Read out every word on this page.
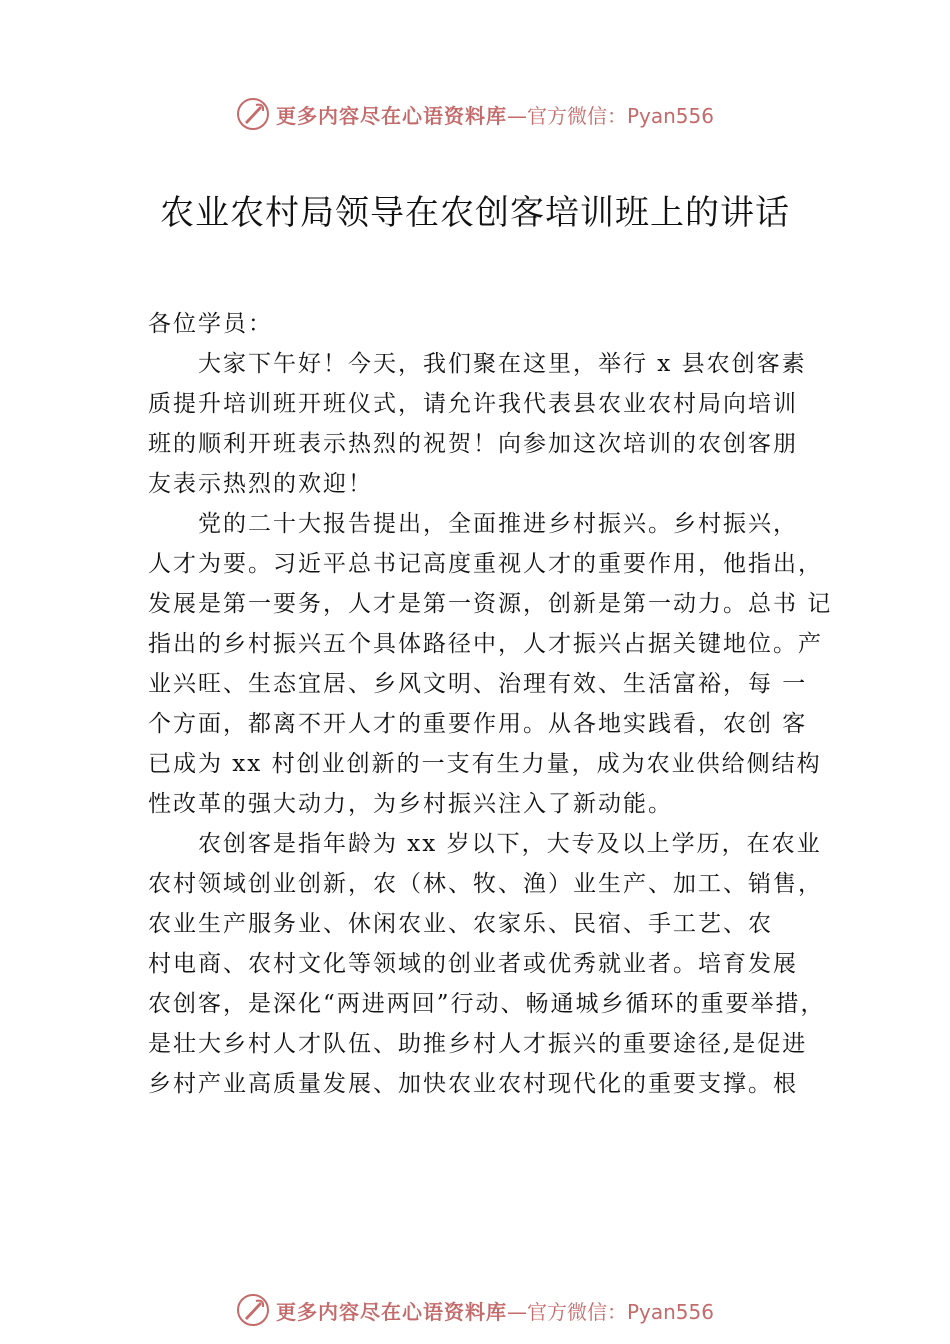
更多内容尽在心语资料库 —官方微信：Pyan556
农业农村局领导在农创客培训班上的讲话
各位学员：
大家下午好！今天，我们聚在这里，举行 x 县农创客素
质提升培训班开班仪式，请允许我代表县农业农村局向培训
班的顺利开班表示热烈的祝贺！向参加这次培训的农创客朋
友表示热烈的欢迎！
党的二十大报告提出，全面推进乡村振兴。乡村振兴，
人才为要。习近平总书记高度重视人才的重要作用，他指出，
发展是第一要务，人才是第一资源，创新是第一动力。总书 记
指出的乡村振兴五个具体路径中，人才振兴占据关键地位。产
业兴旺、生态宜居、乡风文明、治理有效、生活富裕，每 一
个方面，都离不开人才的重要作用。从各地实践看，农创 客
已成为 xx 村创业创新的一支有生力量，成为农业供给侧结构
性改革的强大动力，为乡村振兴注入了新动能。
农创客是指年龄为 xx 岁以下，大专及以上学历，在农业
农村领域创业创新，农（林、牧、渔）业生产、加工、销售，
农业生产服务业、休闲农业、农家乐、民宿、手工艺、农
村电商、农村文化等领域的创业者或优秀就业者。培育发展
农创客，是深化“两进两回”行动、畅通城乡循环的重要举措，
是壮大乡村人才队伍、助推乡村人才振兴的重要途径,是促进
乡村产业高质量发展、加快农业农村现代化的重要支撑。根
更多内容尽在心语资料库 —官方微信：Pyan556
